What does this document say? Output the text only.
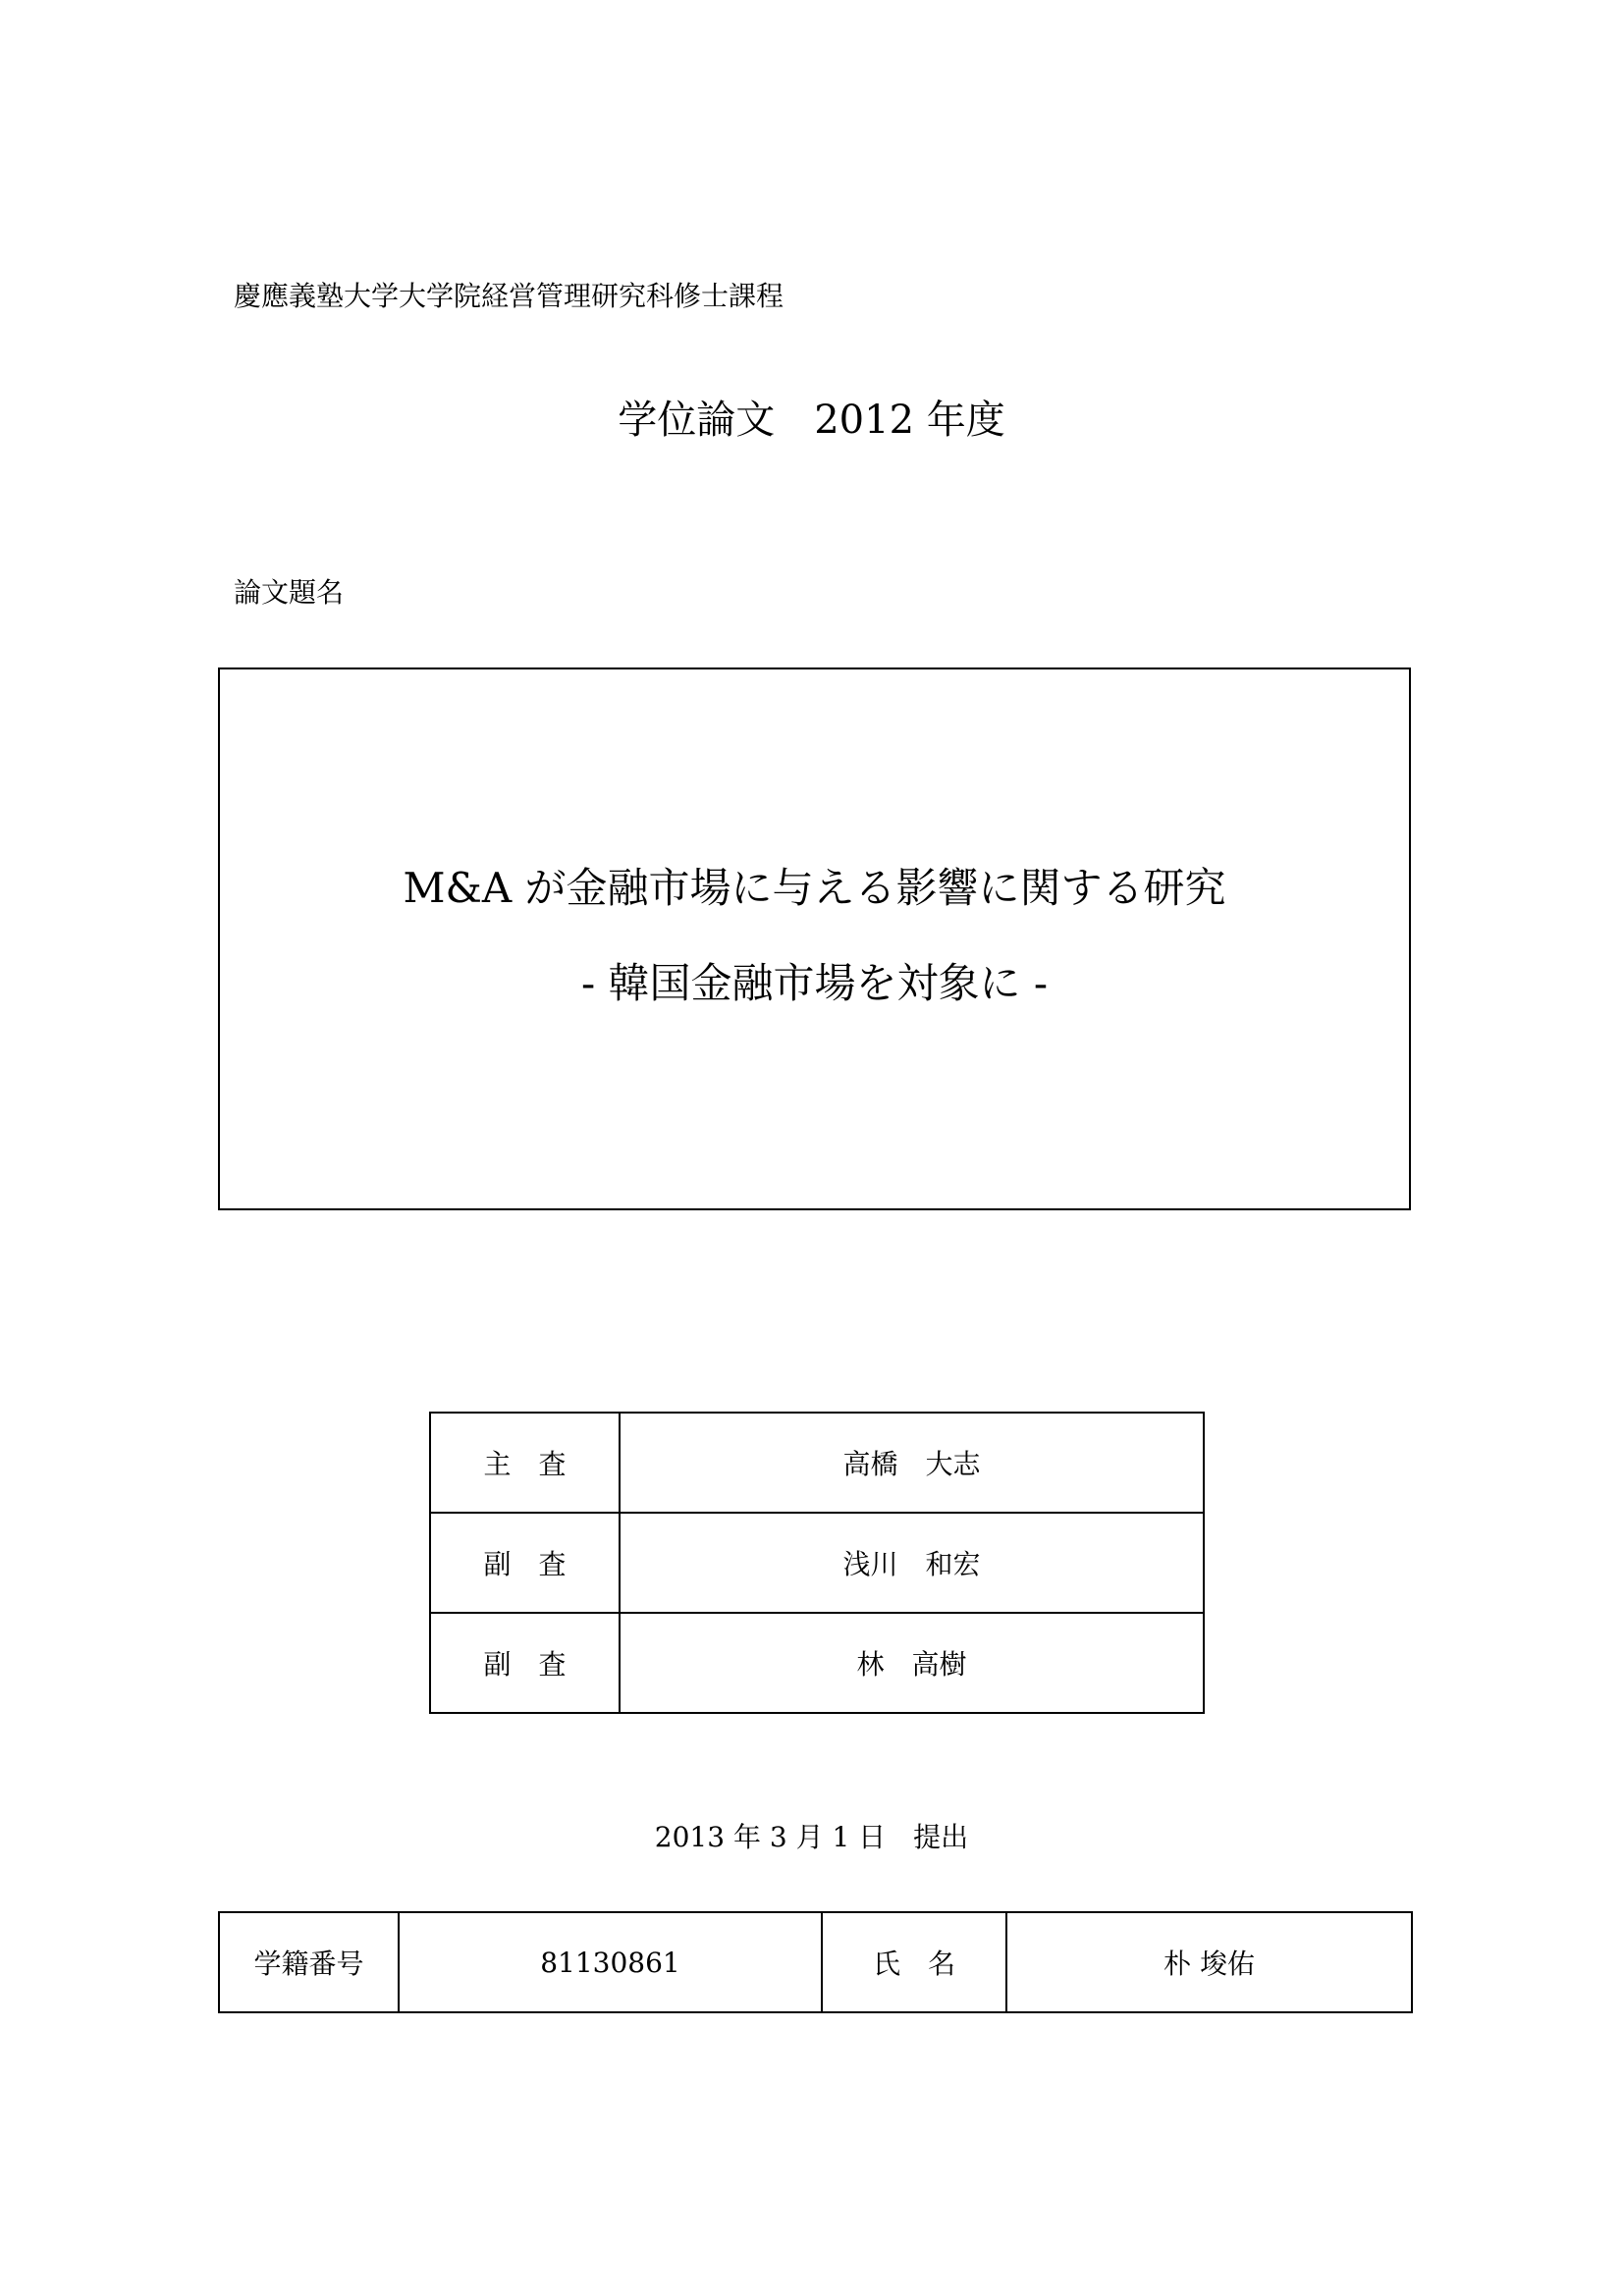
慶應義塾大学大学院経営管理研究科修士課程
学位論文　2012 年度
論文題名
M&A が金融市場に与える影響に関する研究
- 韓国金融市場を対象に -
主　査	高橋　大志
副　査	浅川　和宏
副　査	林　高樹
2013 年 3 月 1 日　提出
学籍番号	81130861	氏　名	朴 埈佑
